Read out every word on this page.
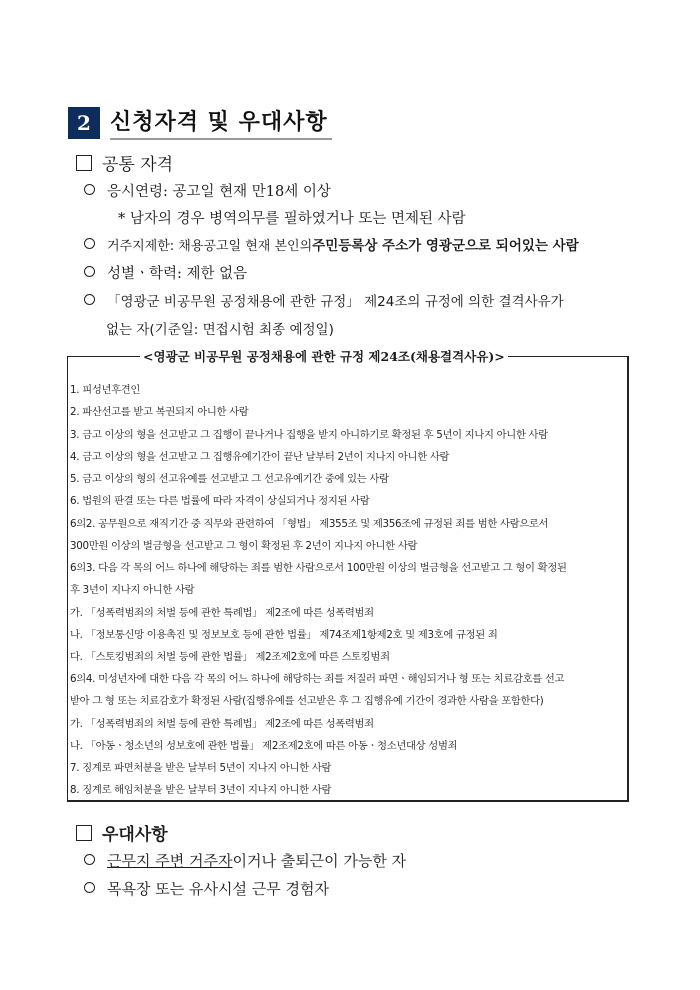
2 신청자격 및 우대사항
공통 자격
응시연령: 공고일 현재 만18세 이상
* 남자의 경우 병역의무를 필하였거나 또는 면제된 사람
거주지제한: 채용공고일 현재 본인의 주민등록상 주소가 영광군으로 되어있는 사람
성별ㆍ학력: 제한 없음
「영광군 비공무원 공정채용에 관한 규정」 제24조의 규정에 의한 결격사유가
없는 자(기준일: 면접시험 최종 예정일)
<영광군 비공무원 공정채용에 관한 규정 제24조(채용결격사유)>
1. 피성년후견인
2. 파산선고를 받고 복권되지 아니한 사람
3. 금고 이상의 형을 선고받고 그 집행이 끝나거나 집행을 받지 아니하기로 확정된 후 5년이 지나지 아니한 사람
4. 금고 이상의 형을 선고받고 그 집행유예기간이 끝난 날부터 2년이 지나지 아니한 사람
5. 금고 이상의 형의 선고유예를 선고받고 그 선고유예기간 중에 있는 사람
6. 법원의 판결 또는 다른 법률에 따라 자격이 상실되거나 정지된 사람
6의2. 공무원으로 재직기간 중 직무와 관련하여 「형법」 제355조 및 제356조에 규정된 죄를 범한 사람으로서
300만원 이상의 벌금형을 선고받고 그 형이 확정된 후 2년이 지나지 아니한 사람
6의3. 다음 각 목의 어느 하나에 해당하는 죄를 범한 사람으로서 100만원 이상의 벌금형을 선고받고 그 형이 확정된
후 3년이 지나지 아니한 사람
가. 「성폭력범죄의 처벌 등에 관한 특례법」 제2조에 따른 성폭력범죄
나. 「정보통신망 이용촉진 및 정보보호 등에 관한 법률」 제74조제1항제2호 및 제3호에 규정된 죄
다. 「스토킹범죄의 처벌 등에 관한 법률」 제2조제2호에 따른 스토킹범죄
6의4. 미성년자에 대한 다음 각 목의 어느 하나에 해당하는 죄를 저질러 파면ㆍ해임되거나 형 또는 치료감호를 선고
받아 그 형 또는 치료감호가 확정된 사람(집행유예를 선고받은 후 그 집행유예 기간이 경과한 사람을 포함한다)
가. 「성폭력범죄의 처벌 등에 관한 특례법」 제2조에 따른 성폭력범죄
나. 「아동ㆍ청소년의 성보호에 관한 법률」 제2조제2호에 따른 아동ㆍ청소년대상 성범죄
7. 징계로 파면처분을 받은 날부터 5년이 지나지 아니한 사람
8. 징계로 해임처분을 받은 날부터 3년이 지나지 아니한 사람
우대사항
근무지 주변 거주자 이거나 출퇴근이 가능한 자
목욕장 또는 유사시설 근무 경험자
